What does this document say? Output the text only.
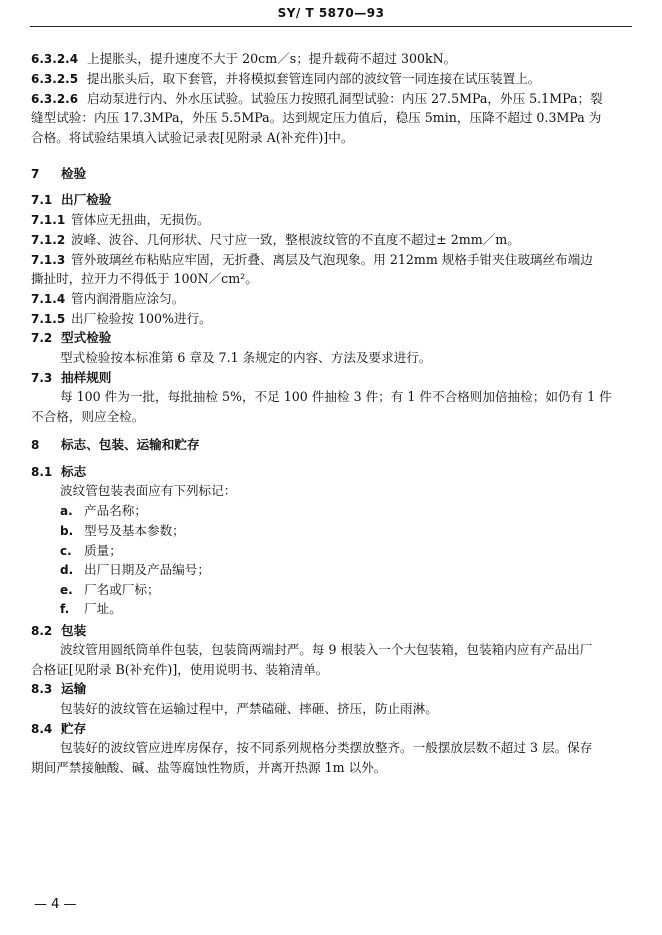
SY/ T 5870—93
6.3.2.4 上提胀头，提升速度不大于 20cm／s；提升载荷不超过 300kN。
6.3.2.5 提出胀头后，取下套管，并将模拟套管连同内部的波纹管一同连接在试压装置上。
6.3.2.6 启动泵进行内、外水压试验。试验压力按照孔洞型试验：内压 27.5MPa，外压 5.1MPa；裂
缝型试验：内压 17.3MPa，外压 5.5MPa。达到规定压力值后，稳压 5min，压降不超过 0.3MPa 为
合格。将试验结果填入试验记录表[见附录 A(补充件)]中。
7 检验
7.1 出厂检验
7.1.1 管体应无扭曲，无损伤。
7.1.2 波峰、波谷、几何形状、尺寸应一致，整根波纹管的不直度不超过± 2mm／m。
7.1.3 管外玻璃丝布粘贴应牢固，无折叠、离层及气泡现象。用 212mm 规格手钳夹住玻璃丝布端边
撕扯时，拉开力不得低于 100N／cm²。
7.1.4 管内润滑脂应涂匀。
7.1.5 出厂检验按 100%进行。
7.2 型式检验
型式检验按本标准第 6 章及 7.1 条规定的内容、方法及要求进行。
7.3 抽样规则
每 100 件为一批，每批抽检 5%，不足 100 件抽检 3 件；有 1 件不合格则加倍抽检；如仍有 1 件
不合格，则应全检。
8 标志、包装、运输和贮存
8.1 标志
波纹管包装表面应有下列标记：
a. 产品名称；
b. 型号及基本参数；
c. 质量；
d. 出厂日期及产品编号；
e. 厂名或厂标；
f. 厂址。
8.2 包装
波纹管用圆纸筒单件包装，包装筒两端封严。每 9 根装入一个大包装箱，包装箱内应有产品出厂
合格证[见附录 B(补充件)]，使用说明书、装箱清单。
8.3 运输
包装好的波纹管在运输过程中，严禁磕碰、摔砸、挤压，防止雨淋。
8.4 贮存
包装好的波纹管应进库房保存，按不同系列规格分类摆放整齐。一般摆放层数不超过 3 层。保存
期间严禁接触酸、碱、盐等腐蚀性物质，并离开热源 1m 以外。
— 4 —
